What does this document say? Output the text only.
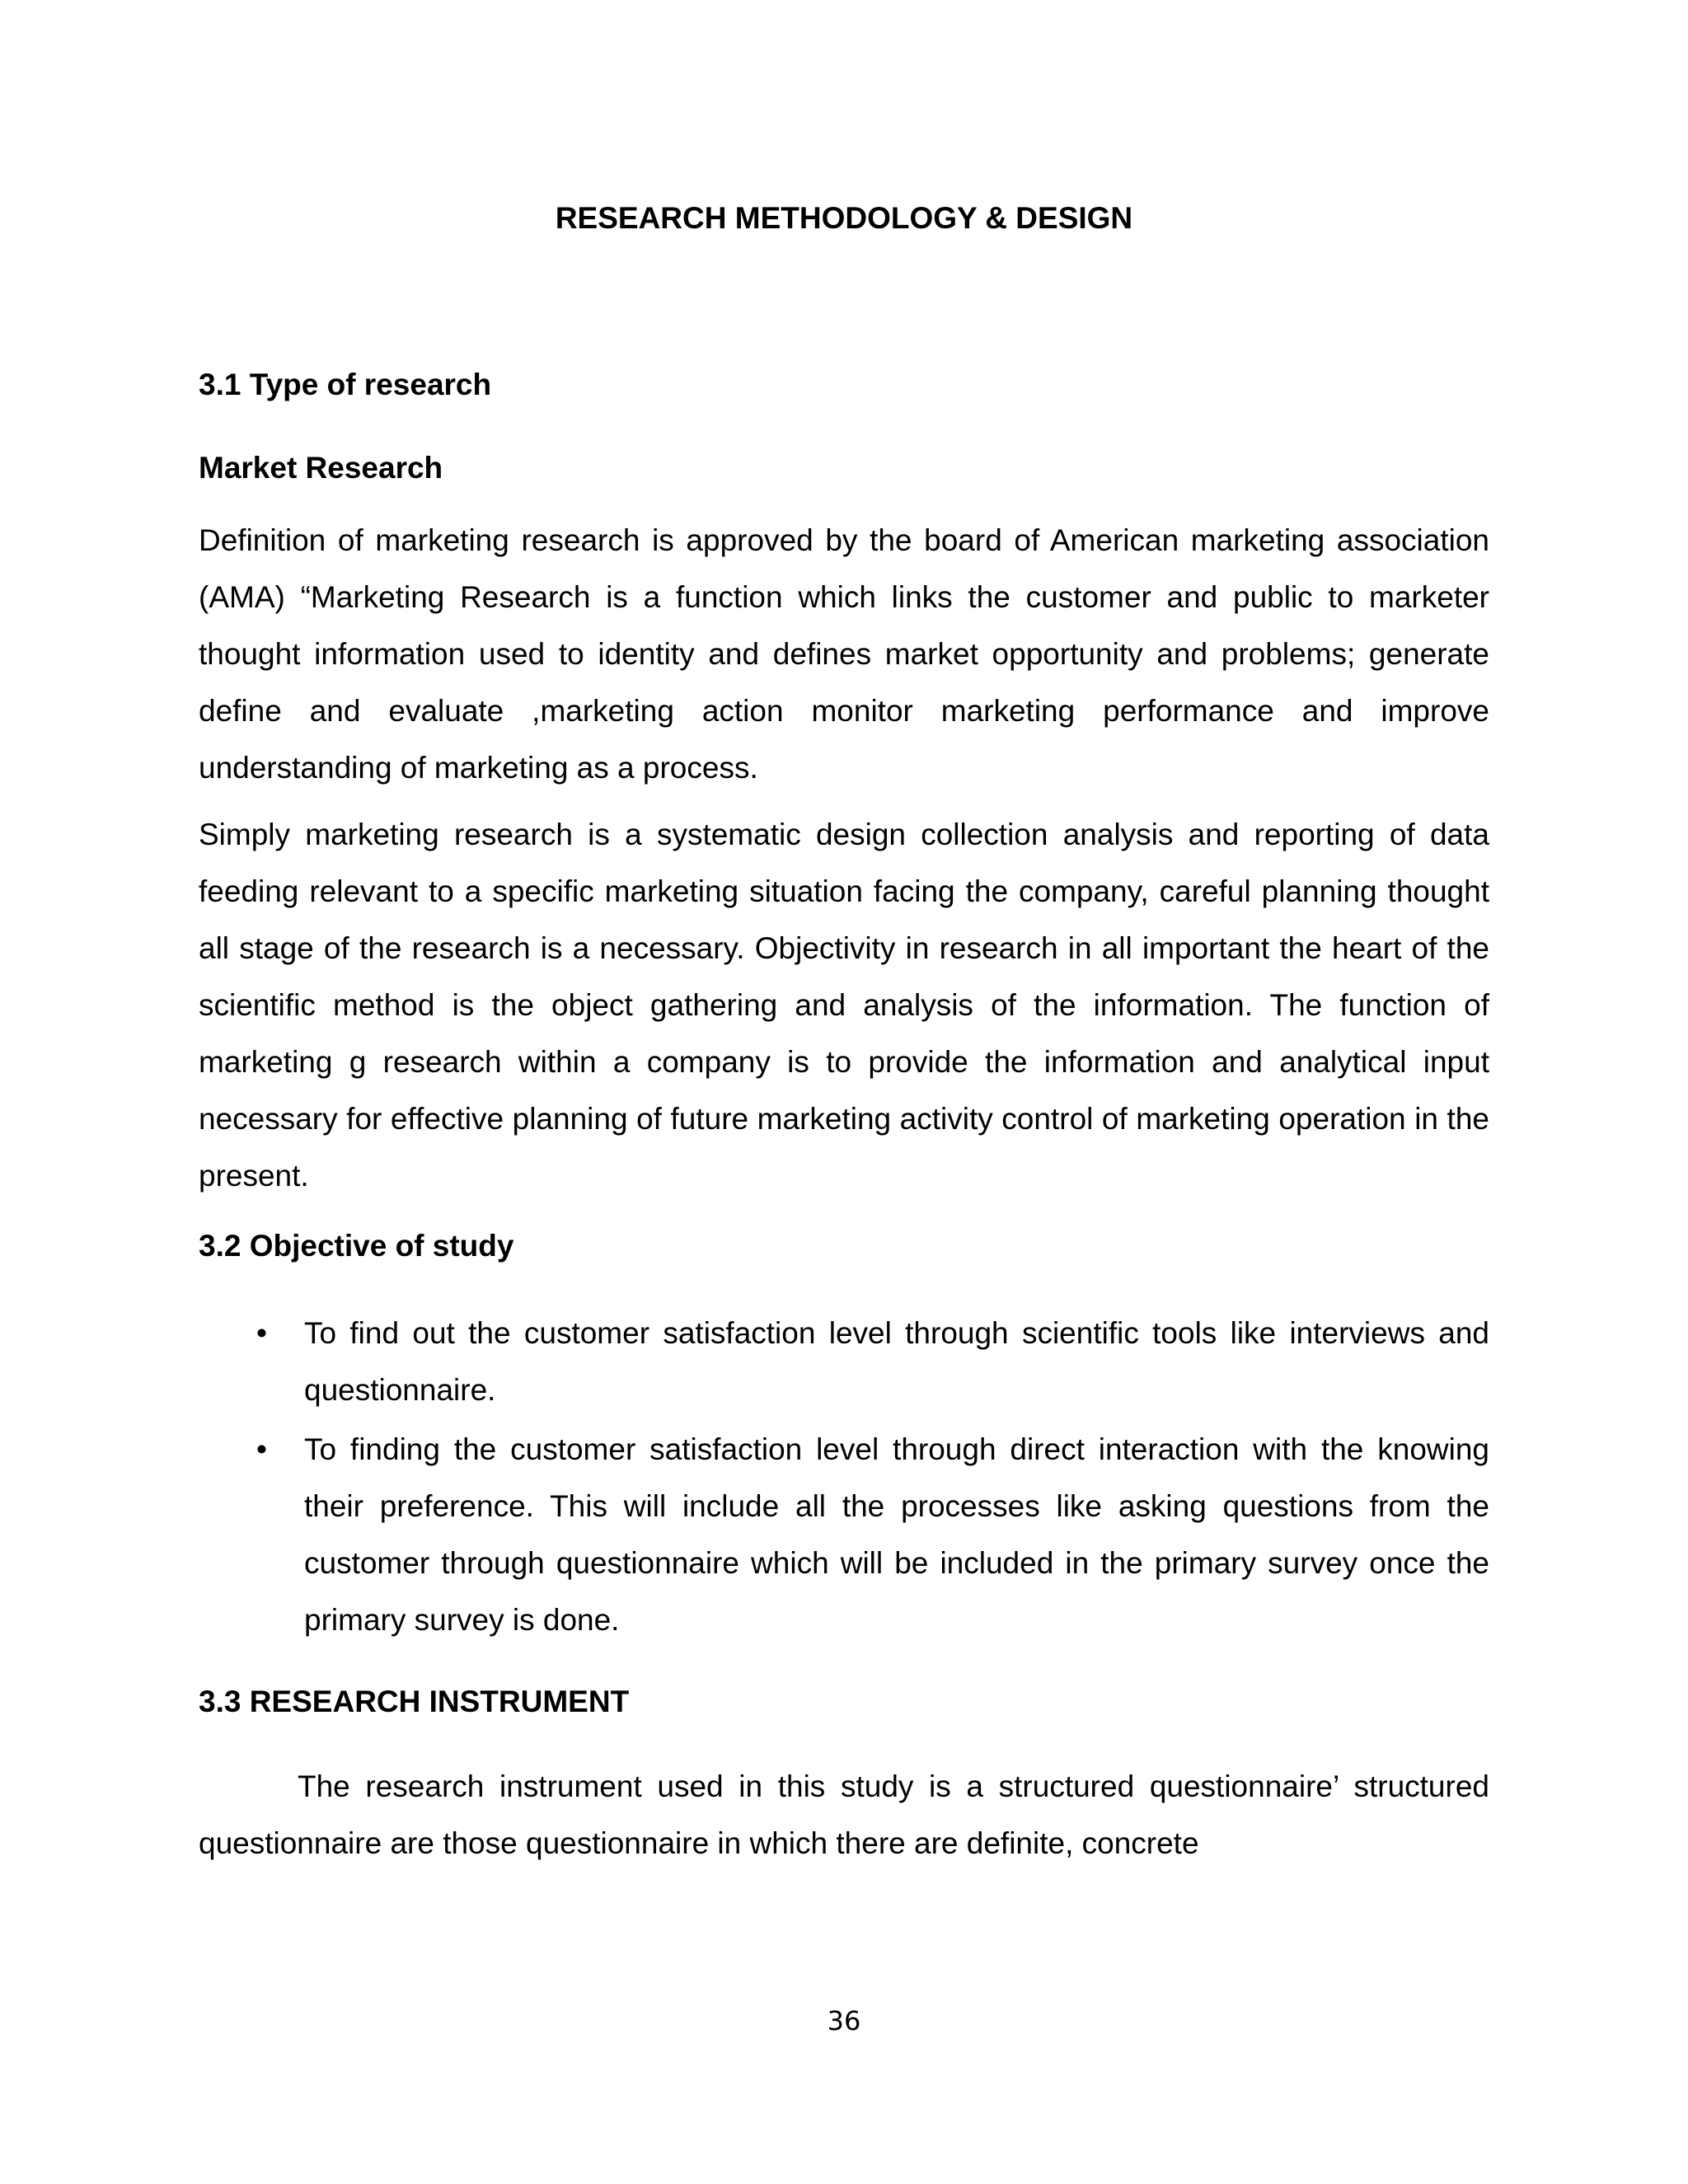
RESEARCH METHODOLOGY & DESIGN
3.1 Type of research
Market Research

Definition of marketing research is approved by the board of American marketing association (AMA) “Marketing Research is a function which links the customer and public to marketer thought information used to identity and defines market opportunity and problems; generate define and evaluate ,marketing action monitor marketing performance and improve understanding of marketing as a process.

Simply marketing research is a systematic design collection analysis and reporting of data feeding relevant to a specific marketing situation facing the company, careful planning thought all stage of the research is a necessary. Objectivity in research in all important the heart of the scientific method is the object gathering and analysis of the information. The function of marketing g research within a company is to provide the information and analytical input necessary for effective planning of future marketing activity control of marketing operation in the present.

3.2 Objective of study
• To find out the customer satisfaction level through scientific tools like interviews and questionnaire.
• To finding the customer satisfaction level through direct interaction with the knowing their preference. This will include all the processes like asking questions from the customer through questionnaire which will be included in the primary survey once the primary survey is done.
3.3 RESEARCH INSTRUMENT

The research instrument used in this study is a structured questionnaire’ structured questionnaire are those questionnaire in which there are definite, concrete

36
